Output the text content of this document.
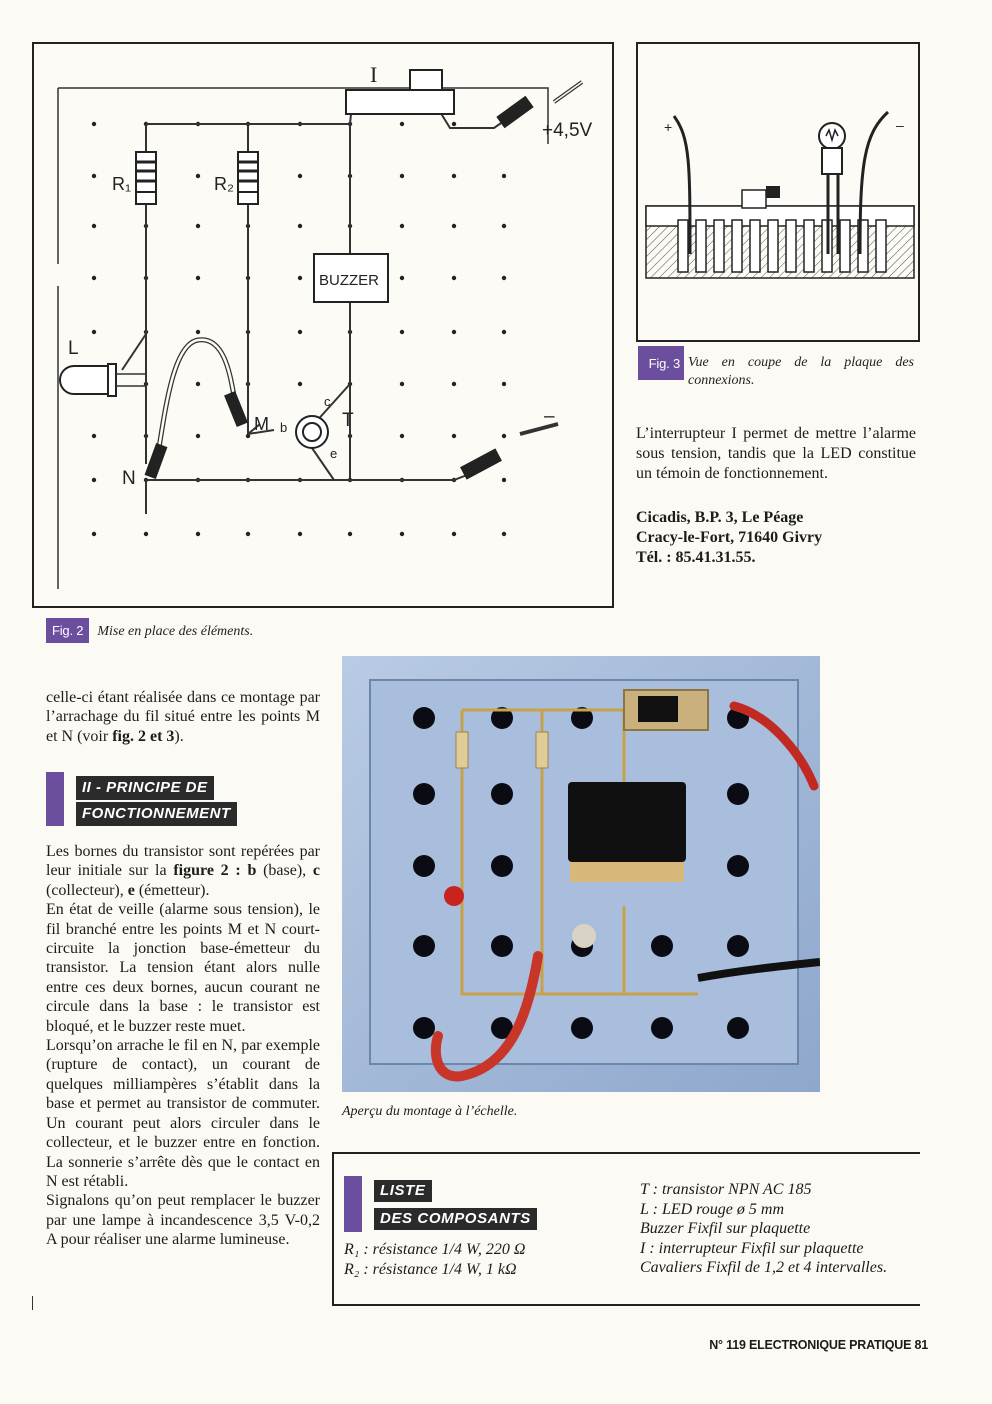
I
+4,5V
R₁	R₂
BUZZER
L
M b
c
T
e
N
–
Fig. 2 Mise en place des éléments.
+	–
Fig. 3 Vue en coupe de la plaque des connexions.
L’interrupteur I permet de mettre l’alarme sous tension, tandis que la LED constitue un témoin de fonctionnement.
Cicadis, B.P. 3, Le Péage
Cracy-le-Fort, 71640 Givry
Tél. : 85.41.31.55.
celle-ci étant réalisée dans ce montage par l’arrachage du fil situé entre les points M et N (voir fig. 2 et 3).
II - PRINCIPE DE
FONCTIONNEMENT

Les bornes du transistor sont repérées par leur initiale sur la figure 2 : b (base), c (collecteur), e (émetteur).

En état de veille (alarme sous tension), le fil branché entre les points M et N court-circuite la jonction base-émetteur du transistor. La tension étant alors nulle entre ces deux bornes, aucun courant ne circule dans la base : le transistor est bloqué, et le buzzer reste muet.

Lorsqu’on arrache le fil en N, par exemple (rupture de contact), un courant de quelques milliampères s’établit dans la base et permet au transistor de commuter. Un courant peut alors circuler dans le collecteur, et le buzzer entre en fonction. La sonnerie s’arrête dès que le contact en N est rétabli.

Signalons qu’on peut remplacer le buzzer par une lampe à incandescence 3,5 V-0,2 A pour réaliser une alarme lumineuse.

Aperçu du montage à l’échelle.
LISTE
DES COMPOSANTS
R₁ : résistance 1/4 W, 220 Ω
R₂ : résistance 1/4 W, 1 kΩ
T : transistor NPN AC 185
L : LED rouge ø 5 mm
Buzzer Fixfil sur plaquette
I : interrupteur Fixfil sur plaquette
Cavaliers Fixfil de 1,2 et 4 intervalles.
N° 119 ELECTRONIQUE PRATIQUE 81
